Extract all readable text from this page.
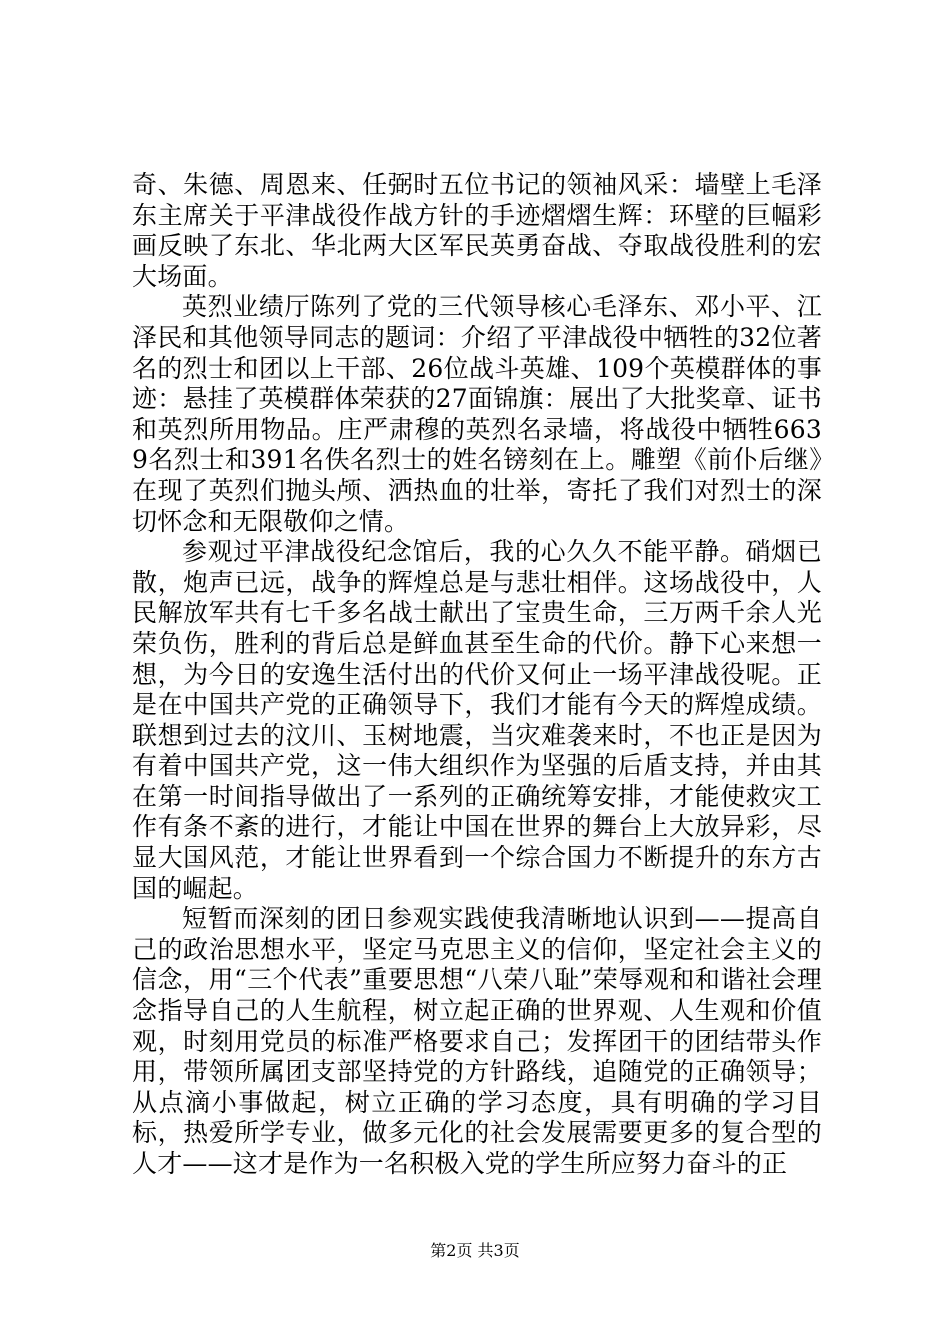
奇、朱德、周恩来、任弼时五位书记的领袖风采：墙壁上毛泽东主席关于平津战役作战方针的手迹熠熠生辉：环壁的巨幅彩画反映了东北、华北两大区军民英勇奋战、夺取战役胜利的宏大场面。

英烈业绩厅陈列了党的三代领导核心毛泽东、邓小平、江泽民和其他领导同志的题词：介绍了平津战役中牺牲的32位著名的烈士和团以上干部、26位战斗英雄、109个英模群体的事迹：悬挂了英模群体荣获的27面锦旗：展出了大批奖章、证书和英烈所用物品。庄严肃穆的英烈名录墙，将战役中牺牲6639名烈士和391名佚名烈士的姓名镑刻在上。雕塑《前仆后继》在现了英烈们抛头颅、洒热血的壮举，寄托了我们对烈士的深切怀念和无限敬仰之情。

参观过平津战役纪念馆后，我的心久久不能平静。硝烟已散，炮声已远，战争的辉煌总是与悲壮相伴。这场战役中，人民解放军共有七千多名战士献出了宝贵生命，三万两千余人光荣负伤，胜利的背后总是鲜血甚至生命的代价。静下心来想一想，为今日的安逸生活付出的代价又何止一场平津战役呢。正是在中国共产党的正确领导下，我们才能有今天的辉煌成绩。联想到过去的汶川、玉树地震，当灾难袭来时，不也正是因为有着中国共产党，这一伟大组织作为坚强的后盾支持，并由其在第一时间指导做出了一系列的正确统筹安排，才能使救灾工作有条不紊的进行，才能让中国在世界的舞台上大放异彩，尽显大国风范，才能让世界看到一个综合国力不断提升的东方古国的崛起。

短暂而深刻的团日参观实践使我清晰地认识到——提高自己的政治思想水平，坚定马克思主义的信仰，坚定社会主义的信念，用“三个代表”重要思想“八荣八耻”荣辱观和和谐社会理念指导自己的人生航程，树立起正确的世界观、人生观和价值观，时刻用党员的标准严格要求自己；发挥团干的团结带头作用，带领所属团支部坚持党的方针路线，追随党的正确领导；从点滴小事做起，树立正确的学习态度，具有明确的学习目标，热爱所学专业，做多元化的社会发展需要更多的复合型的人才——这才是作为一名积极入党的学生所应努力奋斗的正

第2页 共3页
